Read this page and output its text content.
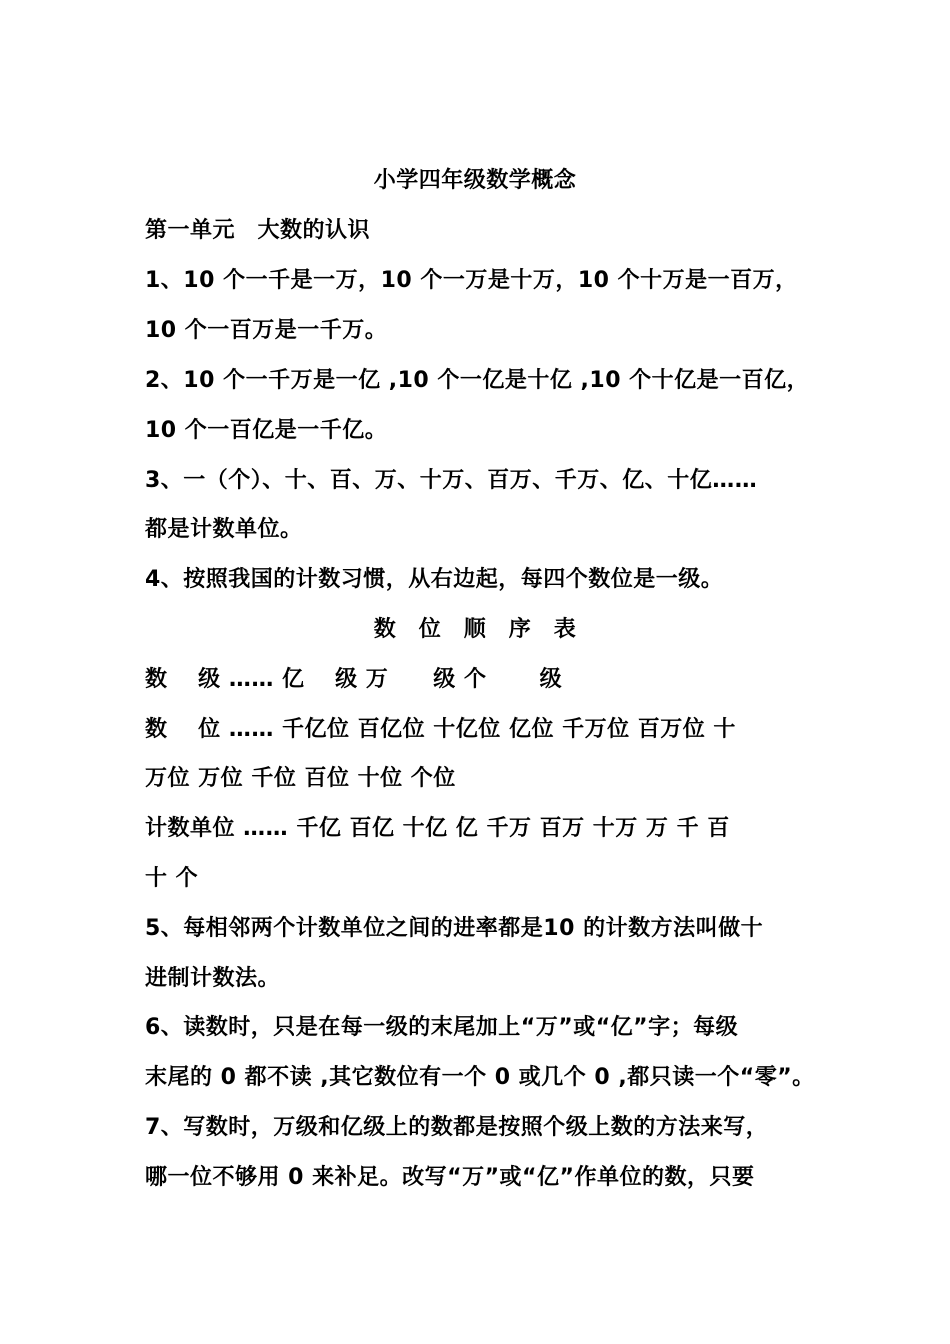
小学四年级数学概念
第一单元　大数的认识
1、10 个一千是一万，10 个一万是十万，10 个十万是一百万，
10 个一百万是一千万。
2、10 个一千万是一亿 ,10 个一亿是十亿 ,10 个十亿是一百亿，
10 个一百亿是一千亿。
3、一（个）、十、百、万、十万、百万、千万、亿、十亿……
都是计数单位。
4、按照我国的计数习惯，从右边起，每四个数位是一级。
数　位　顺　序　表
数　 级 …… 亿　 级 万　　级 个　　 级
数　 位 …… 千亿位 百亿位 十亿位 亿位 千万位 百万位 十
万位 万位 千位 百位 十位 个位
计数单位 …… 千亿 百亿 十亿 亿 千万 百万 十万 万 千 百
十 个
5、每相邻两个计数单位之间的进率都是10 的计数方法叫做十
进制计数法。
6、读数时，只是在每一级的末尾加上“万”或“亿”字；每级
末尾的 0 都不读 ,其它数位有一个 0 或几个 0 ,都只读一个“零”。
7、写数时，万级和亿级上的数都是按照个级上数的方法来写，
哪一位不够用 0 来补足。改写“万”或“亿”作单位的数，只要
